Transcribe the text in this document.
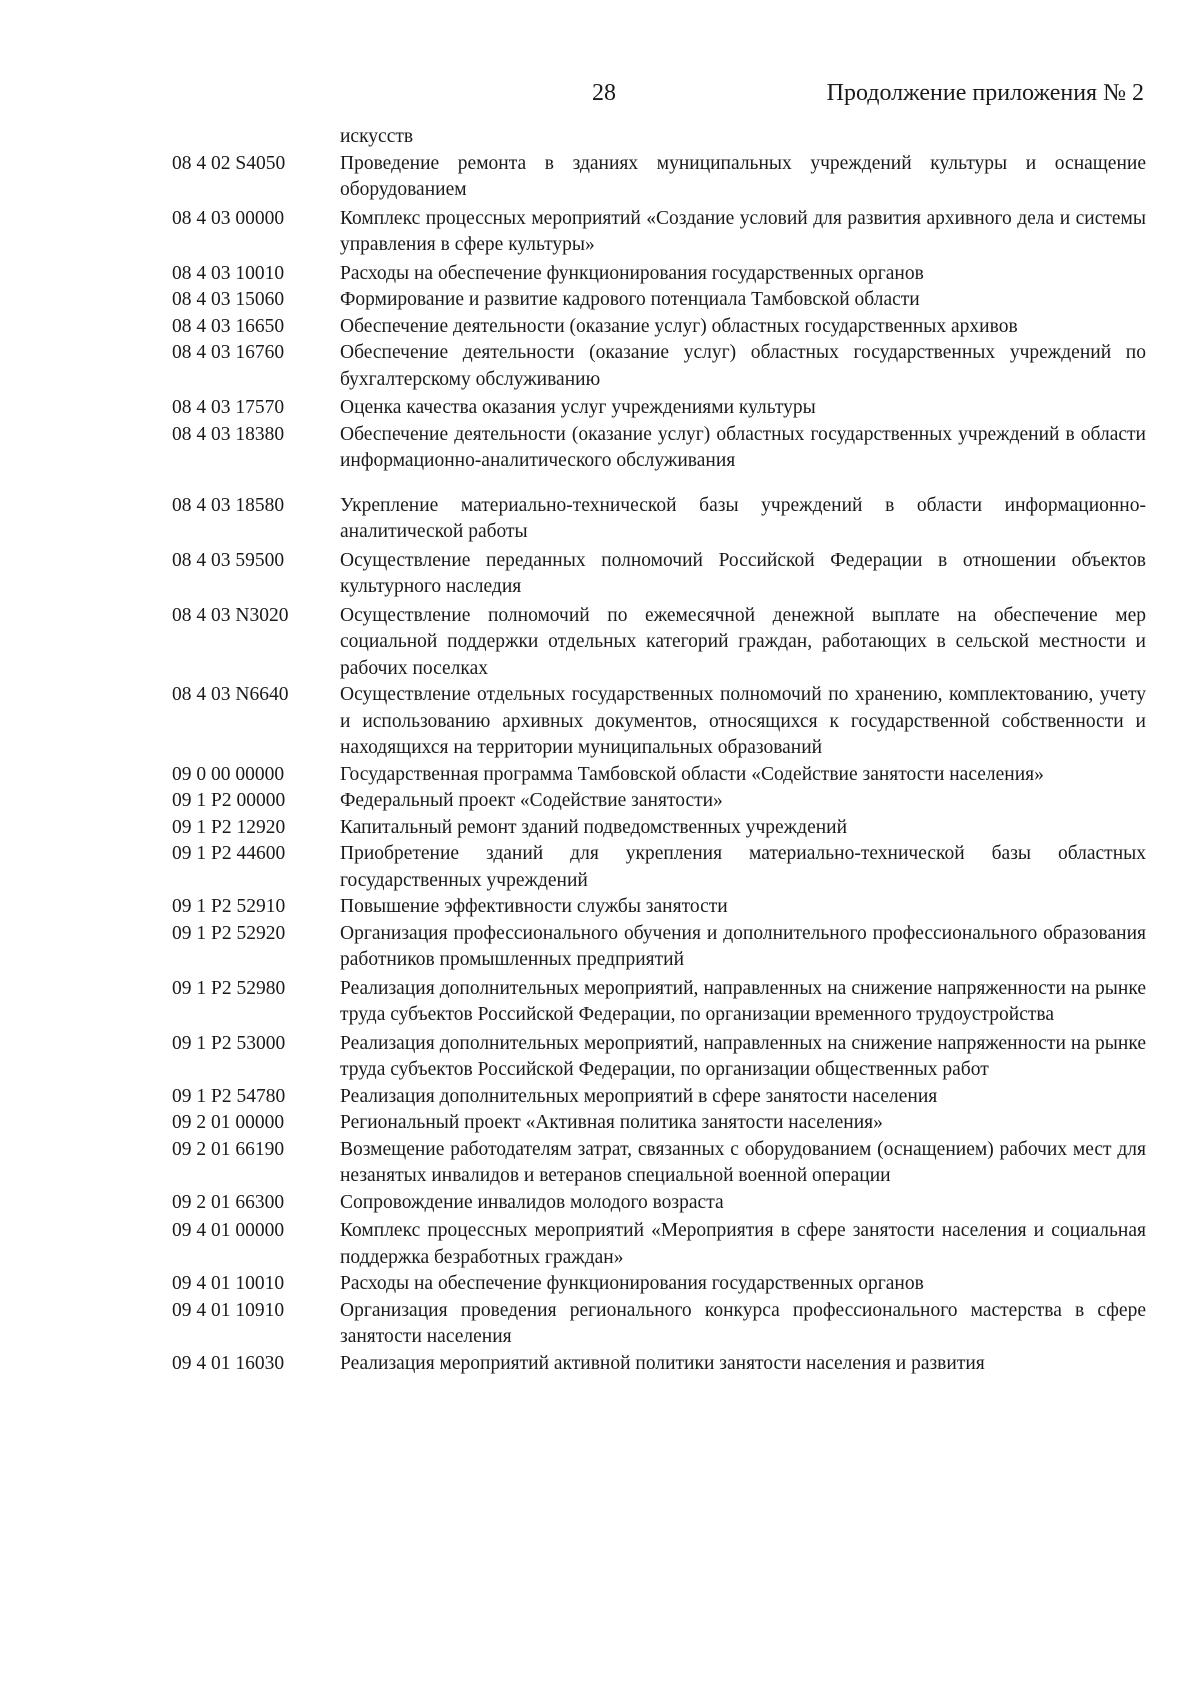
28	Продолжение приложения № 2
искусств
08 4 02 S4050	Проведение ремонта в зданиях муниципальных учреждений культуры и оснащение оборудованием
08 4 03 00000	Комплекс процессных мероприятий «Создание условий для развития архивного дела и системы управления в сфере культуры»
08 4 03 10010	Расходы на обеспечение функционирования государственных органов
08 4 03 15060	Формирование и развитие кадрового потенциала Тамбовской области
08 4 03 16650	Обеспечение деятельности (оказание услуг) областных государственных архивов
08 4 03 16760	Обеспечение деятельности (оказание услуг) областных государственных учреждений по бухгалтерскому обслуживанию
08 4 03 17570	Оценка качества оказания услуг учреждениями культуры
08 4 03 18380	Обеспечение деятельности (оказание услуг) областных государственных учреждений в области информационно-аналитического обслуживания
08 4 03 18580	Укрепление материально-технической базы учреждений в области информационно-аналитической работы
08 4 03 59500	Осуществление переданных полномочий Российской Федерации в отношении объектов культурного наследия
08 4 03 N3020	Осуществление полномочий по ежемесячной денежной выплате на обеспечение мер социальной поддержки отдельных категорий граждан, работающих в сельской местности и рабочих поселках
08 4 03 N6640	Осуществление отдельных государственных полномочий по хранению, комплектованию, учету и использованию архивных документов, относящихся к государственной собственности и находящихся на территории муниципальных образований
09 0 00 00000	Государственная программа Тамбовской области «Содействие занятости населения»
09 1 P2 00000	Федеральный проект «Содействие занятости»
09 1 P2 12920	Капитальный ремонт зданий подведомственных учреждений
09 1 P2 44600	Приобретение зданий для укрепления материально-технической базы областных государственных учреждений
09 1 P2 52910	Повышение эффективности службы занятости
09 1 P2 52920	Организация профессионального обучения и дополнительного профессионального образования работников промышленных предприятий
09 1 P2 52980	Реализация дополнительных мероприятий, направленных на снижение напряженности на рынке труда субъектов Российской Федерации, по организации временного трудоустройства
09 1 P2 53000	Реализация дополнительных мероприятий, направленных на снижение напряженности на рынке труда субъектов Российской Федерации, по организации общественных работ
09 1 P2 54780	Реализация дополнительных мероприятий в сфере занятости населения
09 2 01 00000	Региональный проект «Активная политика занятости населения»
09 2 01 66190	Возмещение работодателям затрат, связанных с оборудованием (оснащением) рабочих мест для незанятых инвалидов и ветеранов специальной военной операции
09 2 01 66300	Сопровождение инвалидов молодого возраста
09 4 01 00000	Комплекс процессных мероприятий «Мероприятия в сфере занятости населения и социальная поддержка безработных граждан»
09 4 01 10010	Расходы на обеспечение функционирования государственных органов
09 4 01 10910	Организация проведения регионального конкурса профессионального мастерства в сфере занятости населения
09 4 01 16030	Реализация мероприятий активной политики занятости населения и развития
